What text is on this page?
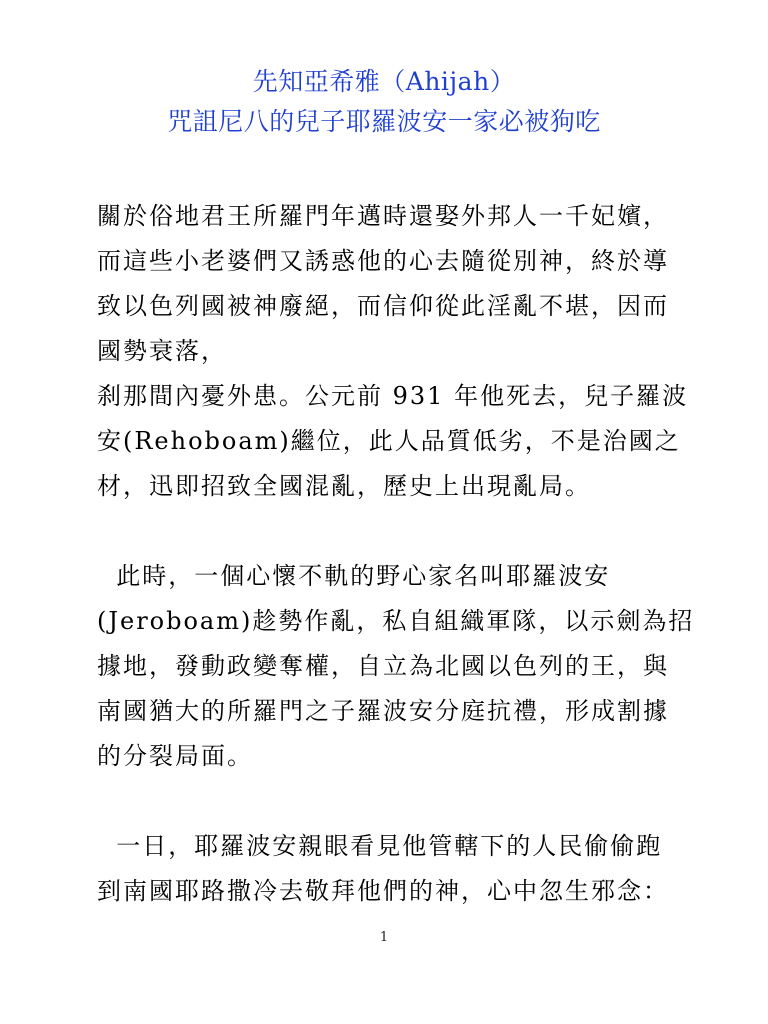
先知亞希雅（Ahijah）
咒詛尼八的兒子耶羅波安一家必被狗吃

關於俗地君王所羅門年邁時還娶外邦人一千妃嬪，
而這些小老婆們又誘惑他的心去隨從別神，終於導
致以色列國被神廢絕，而信仰從此淫亂不堪，因而
國勢衰落，
刹那間內憂外患。公元前 931 年他死去，兒子羅波
安(Rehoboam)繼位，此人品質低劣，不是治國之
材，迅即招致全國混亂，歷史上出現亂局。

此時，一個心懷不軌的野心家名叫耶羅波安
(Jeroboam)趁勢作亂，私自組織軍隊，以示劍為招
據地，發動政變奪權，自立為北國以色列的王，與
南國猶大的所羅門之子羅波安分庭抗禮，形成割據
的分裂局面。

一日，耶羅波安親眼看見他管轄下的人民偷偷跑
到南國耶路撒冷去敬拜他們的神，心中忽生邪念：

1
